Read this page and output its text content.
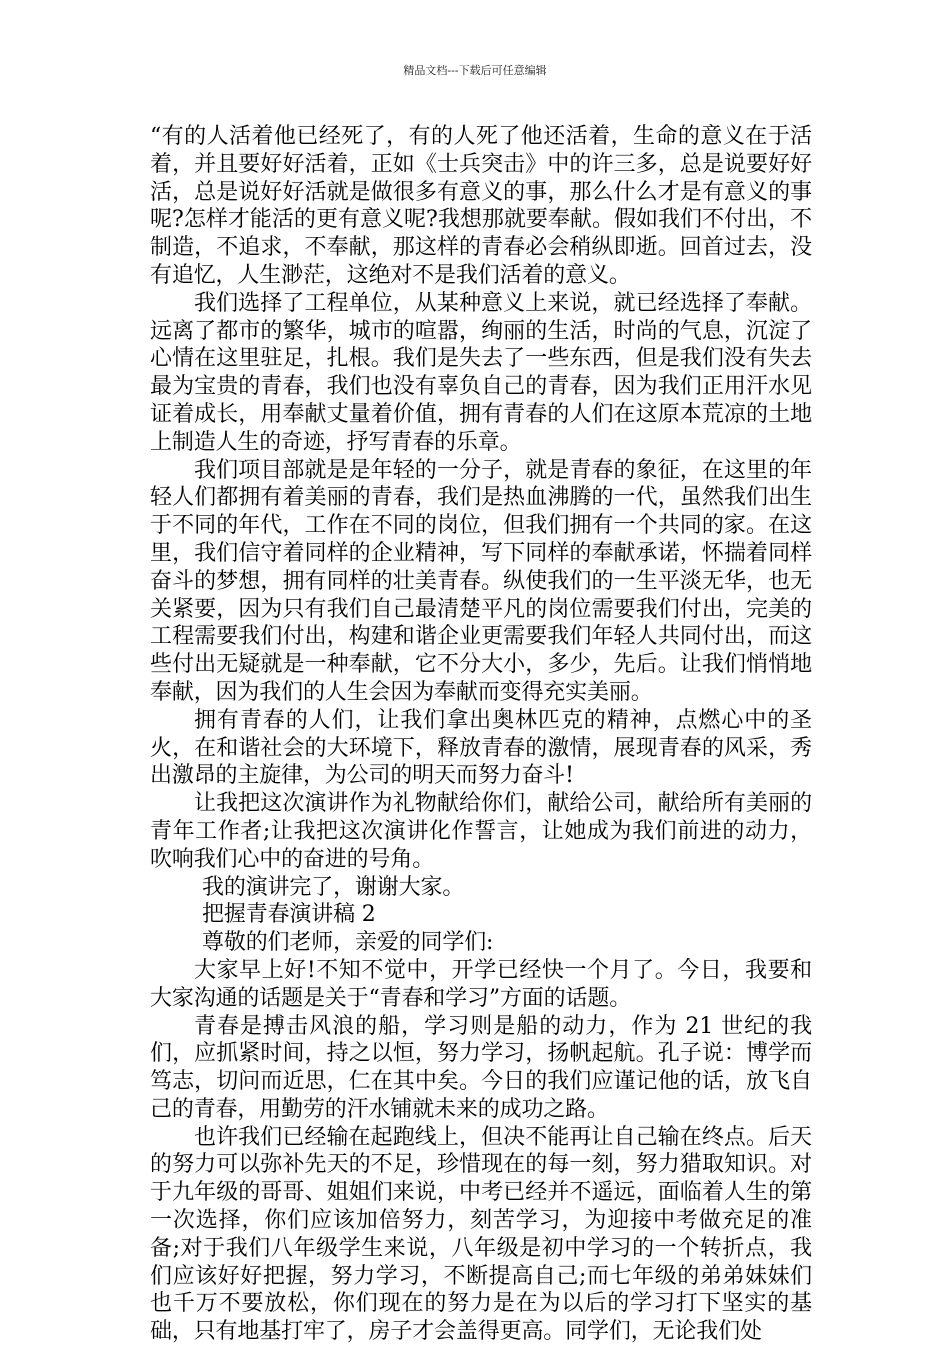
精品文档---下载后可任意编辑

“有的人活着他已经死了，有的人死了他还活着，生命的意义在于活着，并且要好好活着，正如《士兵突击》中的许三多，总是说要好好活，总是说好好活就是做很多有意义的事，那么什么才是有意义的事呢?怎样才能活的更有意义呢?我想那就要奉献。假如我们不付出，不制造，不追求，不奉献，那这样的青春必会稍纵即逝。回首过去，没有追忆，人生渺茫，这绝对不是我们活着的意义。

我们选择了工程单位，从某种意义上来说，就已经选择了奉献。远离了都市的繁华，城市的喧嚣，绚丽的生活，时尚的气息，沉淀了心情在这里驻足，扎根。我们是失去了一些东西，但是我们没有失去最为宝贵的青春，我们也没有辜负自己的青春，因为我们正用汗水见证着成长，用奉献丈量着价值，拥有青春的人们在这原本荒凉的土地上制造人生的奇迹，抒写青春的乐章。

我们项目部就是是年轻的一分子，就是青春的象征，在这里的年轻人们都拥有着美丽的青春，我们是热血沸腾的一代，虽然我们出生于不同的年代，工作在不同的岗位，但我们拥有一个共同的家。在这里，我们信守着同样的企业精神，写下同样的奉献承诺，怀揣着同样奋斗的梦想，拥有同样的壮美青春。纵使我们的一生平淡无华，也无关紧要，因为只有我们自己最清楚平凡的岗位需要我们付出，完美的工程需要我们付出，构建和谐企业更需要我们年轻人共同付出，而这些付出无疑就是一种奉献，它不分大小，多少，先后。让我们悄悄地奉献，因为我们的人生会因为奉献而变得充实美丽。

拥有青春的人们，让我们拿出奥林匹克的精神，点燃心中的圣火，在和谐社会的大环境下，释放青春的激情，展现青春的风采，秀出激昂的主旋律，为公司的明天而努力奋斗!

让我把这次演讲作为礼物献给你们，献给公司，献给所有美丽的青年工作者;让我把这次演讲化作誓言，让她成为我们前进的动力，吹响我们心中的奋进的号角。

我的演讲完了，谢谢大家。

把握青春演讲稿 2

尊敬的们老师，亲爱的同学们:

大家早上好!不知不觉中，开学已经快一个月了。今日，我要和大家沟通的话题是关于“青春和学习”方面的话题。

青春是搏击风浪的船，学习则是船的动力，作为 21 世纪的我们，应抓紧时间，持之以恒，努力学习，扬帆起航。孔子说：博学而笃志，切问而近思，仁在其中矣。今日的我们应谨记他的话，放飞自己的青春，用勤劳的汗水铺就未来的成功之路。

也许我们已经输在起跑线上，但决不能再让自己输在终点。后天的努力可以弥补先天的不足，珍惜现在的每一刻，努力猎取知识。对于九年级的哥哥、姐姐们来说，中考已经并不遥远，面临着人生的第一次选择，你们应该加倍努力，刻苦学习，为迎接中考做充足的准备;对于我们八年级学生来说，八年级是初中学习的一个转折点，我们应该好好把握，努力学习，不断提高自己;而七年级的弟弟妹妹们也千万不要放松，你们现在的努力是在为以后的学习打下坚实的基础，只有地基打牢了，房子才会盖得更高。同学们，无论我们处
